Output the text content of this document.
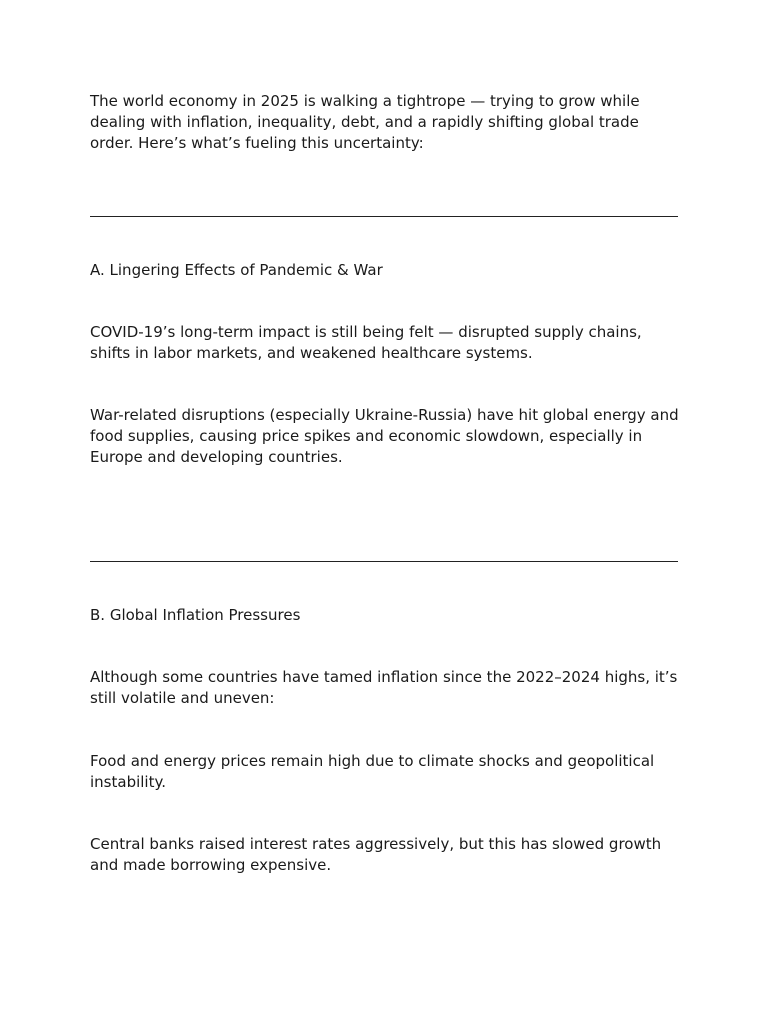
The world economy in 2025 is walking a tightrope — trying to grow while dealing with inflation, inequality, debt, and a rapidly shifting global trade order. Here’s what’s fueling this uncertainty:

A. Lingering Effects of Pandemic & War

COVID-19’s long-term impact is still being felt — disrupted supply chains, shifts in labor markets, and weakened healthcare systems.

War-related disruptions (especially Ukraine-Russia) have hit global energy and food supplies, causing price spikes and economic slowdown, especially in Europe and developing countries.

B. Global Inflation Pressures

Although some countries have tamed inflation since the 2022–2024 highs, it’s still volatile and uneven:

Food and energy prices remain high due to climate shocks and geopolitical instability.

Central banks raised interest rates aggressively, but this has slowed growth and made borrowing expensive.
